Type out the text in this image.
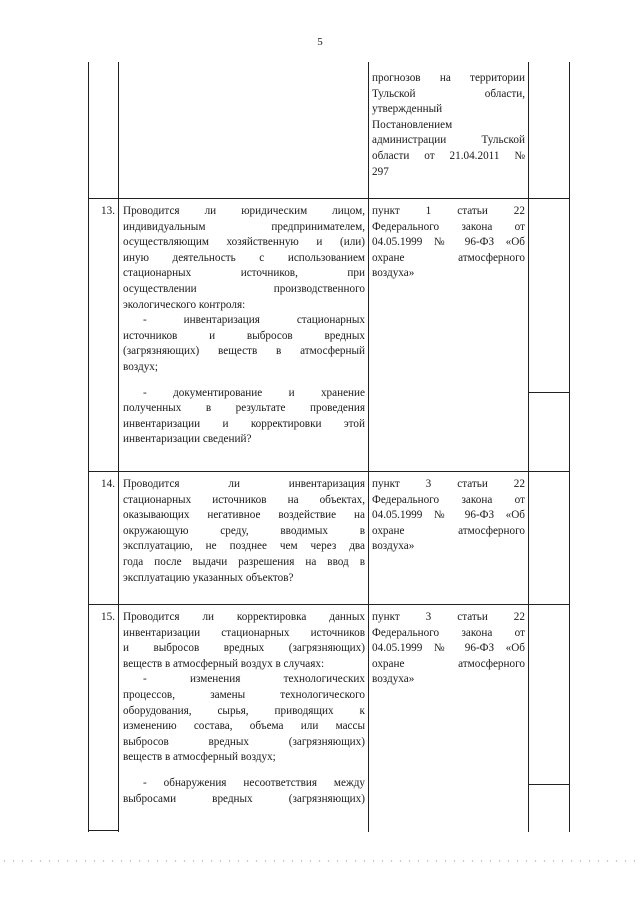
5
прогнозов на территории
Тульской области,
утвержденный
Постановлением
администрации Тульской
области от 21.04.2011 №
297
13. Проводится ли юридическим лицом,
индивидуальным предпринимателем,
осуществляющим хозяйственную и (или)
иную деятельность с использованием
стационарных источников, при
осуществлении производственного
экологического контроля:
- инвентаризация стационарных
источников и выбросов вредных
(загрязняющих) веществ в атмосферный
воздух;
- документирование и хранение
полученных в результате проведения
инвентаризации и корректировки этой
инвентаризации сведений?
пункт 1 статьи 22
Федерального закона от
04.05.1999 № 96-ФЗ «Об
охране атмосферного
воздуха»
14. Проводится ли инвентаризация
стационарных источников на объектах,
оказывающих негативное воздействие на
окружающую среду, вводимых в
эксплуатацию, не позднее чем через два
года после выдачи разрешения на ввод в
эксплуатацию указанных объектов?
пункт 3 статьи 22
Федерального закона от
04.05.1999 № 96-ФЗ «Об
охране атмосферного
воздуха»
15. Проводится ли корректировка данных
инвентаризации стационарных источников
и выбросов вредных (загрязняющих)
веществ в атмосферный воздух в случаях:
- изменения технологических
процессов, замены технологического
оборудования, сырья, приводящих к
изменению состава, объема или массы
выбросов вредных (загрязняющих)
веществ в атмосферный воздух;
- обнаружения несоответствия между
выбросами вредных (загрязняющих)
пункт 3 статьи 22
Федерального закона от
04.05.1999 № 96-ФЗ «Об
охране атмосферного
воздуха»
